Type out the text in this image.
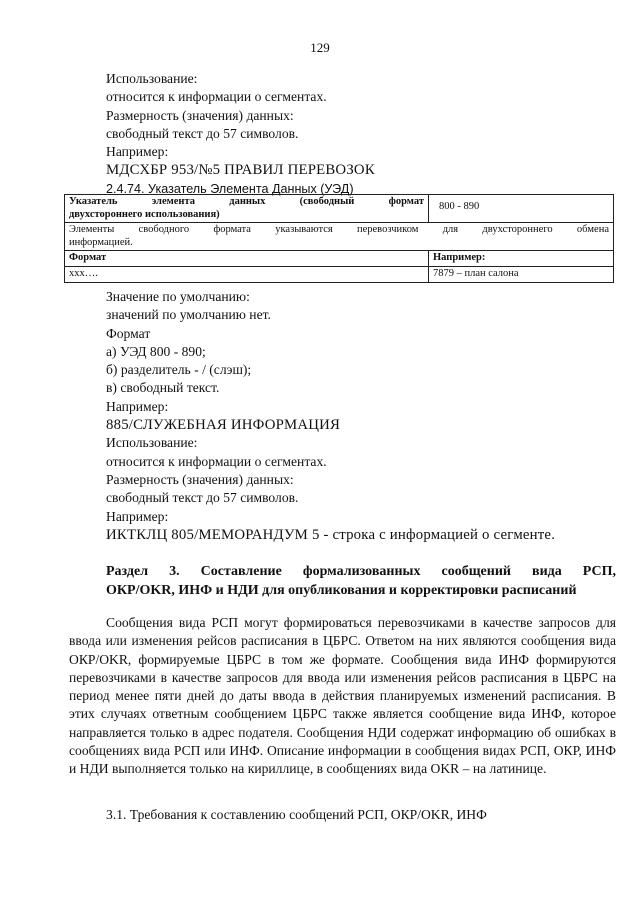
129
Использование:
относится к информации о сегментах.
Размерность (значения) данных:
свободный текст до 57 символов.
Например:
МДСХБР 953/№5 ПРАВИЛ ПЕРЕВОЗОК
2.4.74. Указатель Элемента Данных (УЭД)
Указатель элемента данных (свободный формат
двухстороннего использования)	800 - 890

Элементы свободного формата указываются перевозчиком для двухстороннего обмена
информацией.	

Формат	Например:
ххх….	7879 – план салона
Значение по умолчанию:
значений по умолчанию нет.
Формат
а) УЭД 800 - 890;
б) разделитель - / (слэш);
в) свободный текст.
Например:
885/СЛУЖЕБНАЯ ИНФОРМАЦИЯ
Использование:
относится к информации о сегментах.
Размерность (значения) данных:
свободный текст до 57 символов.
Например:
ИКТКЛЦ 805/МЕМОРАНДУМ 5 - строка с информацией о сегменте.
Раздел 3. Составление формализованных сообщений вида РСП,
ОКР/OKR, ИНФ и НДИ для опубликования и корректировки расписаний
Сообщения вида РСП могут формироваться перевозчиками в качестве запросов для ввода или изменения рейсов расписания в ЦБРС. Ответом на них являются сообщения вида ОКР/OKR, формируемые ЦБРС в том же формате. Сообщения вида ИНФ формируются перевозчиками в качестве запросов для ввода или изменения рейсов расписания в ЦБРС на период менее пяти дней до даты ввода в действия планируемых изменений расписания. В этих случаях ответным сообщением ЦБРС также является сообщение вида ИНФ, которое направляется только в адрес подателя. Сообщения НДИ содержат информацию об ошибках в сообщениях вида РСП или ИНФ. Описание информации в сообщения видах РСП, ОКР, ИНФ и НДИ выполняется только на кириллице, в сообщениях вида OKR – на латинице.
3.1. Требования к составлению сообщений РСП, ОКР/OKR, ИНФ
